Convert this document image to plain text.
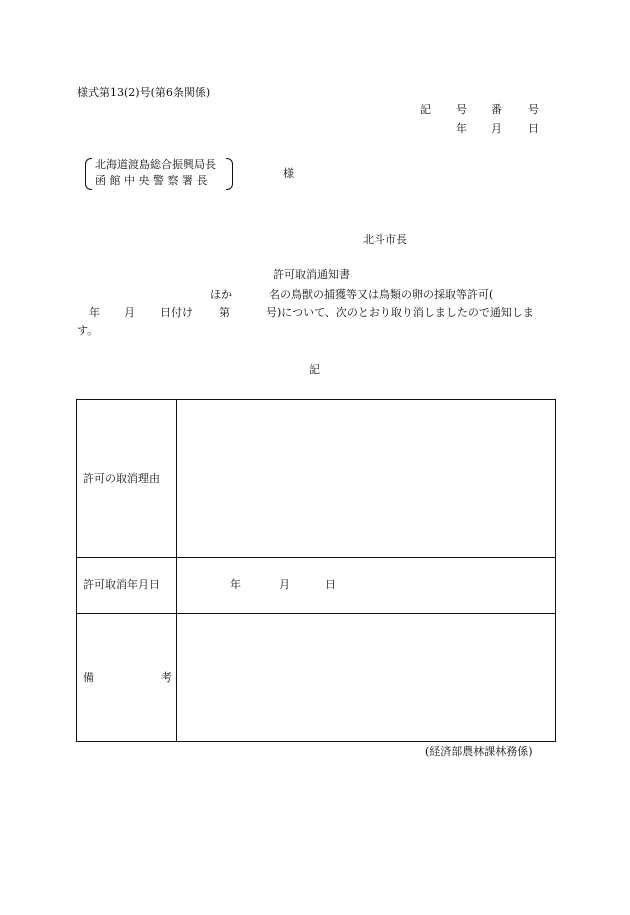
様式第13(2)号(第6条関係)
記 号 番 号
年 月 日
北海道渡島総合振興局長
函 館 中 央 警 察 署 長
様
北斗市長
許可取消通知書
ほか	名の鳥獣の捕獲等又は鳥類の卵の採取等許可(
年 月 日付け 第	号)について、次のとおり取り消しましたので通知しま
す。
記
許可の取消理由
許可取消年月日	年	月	日
備	考
(経済部農林課林務係)
